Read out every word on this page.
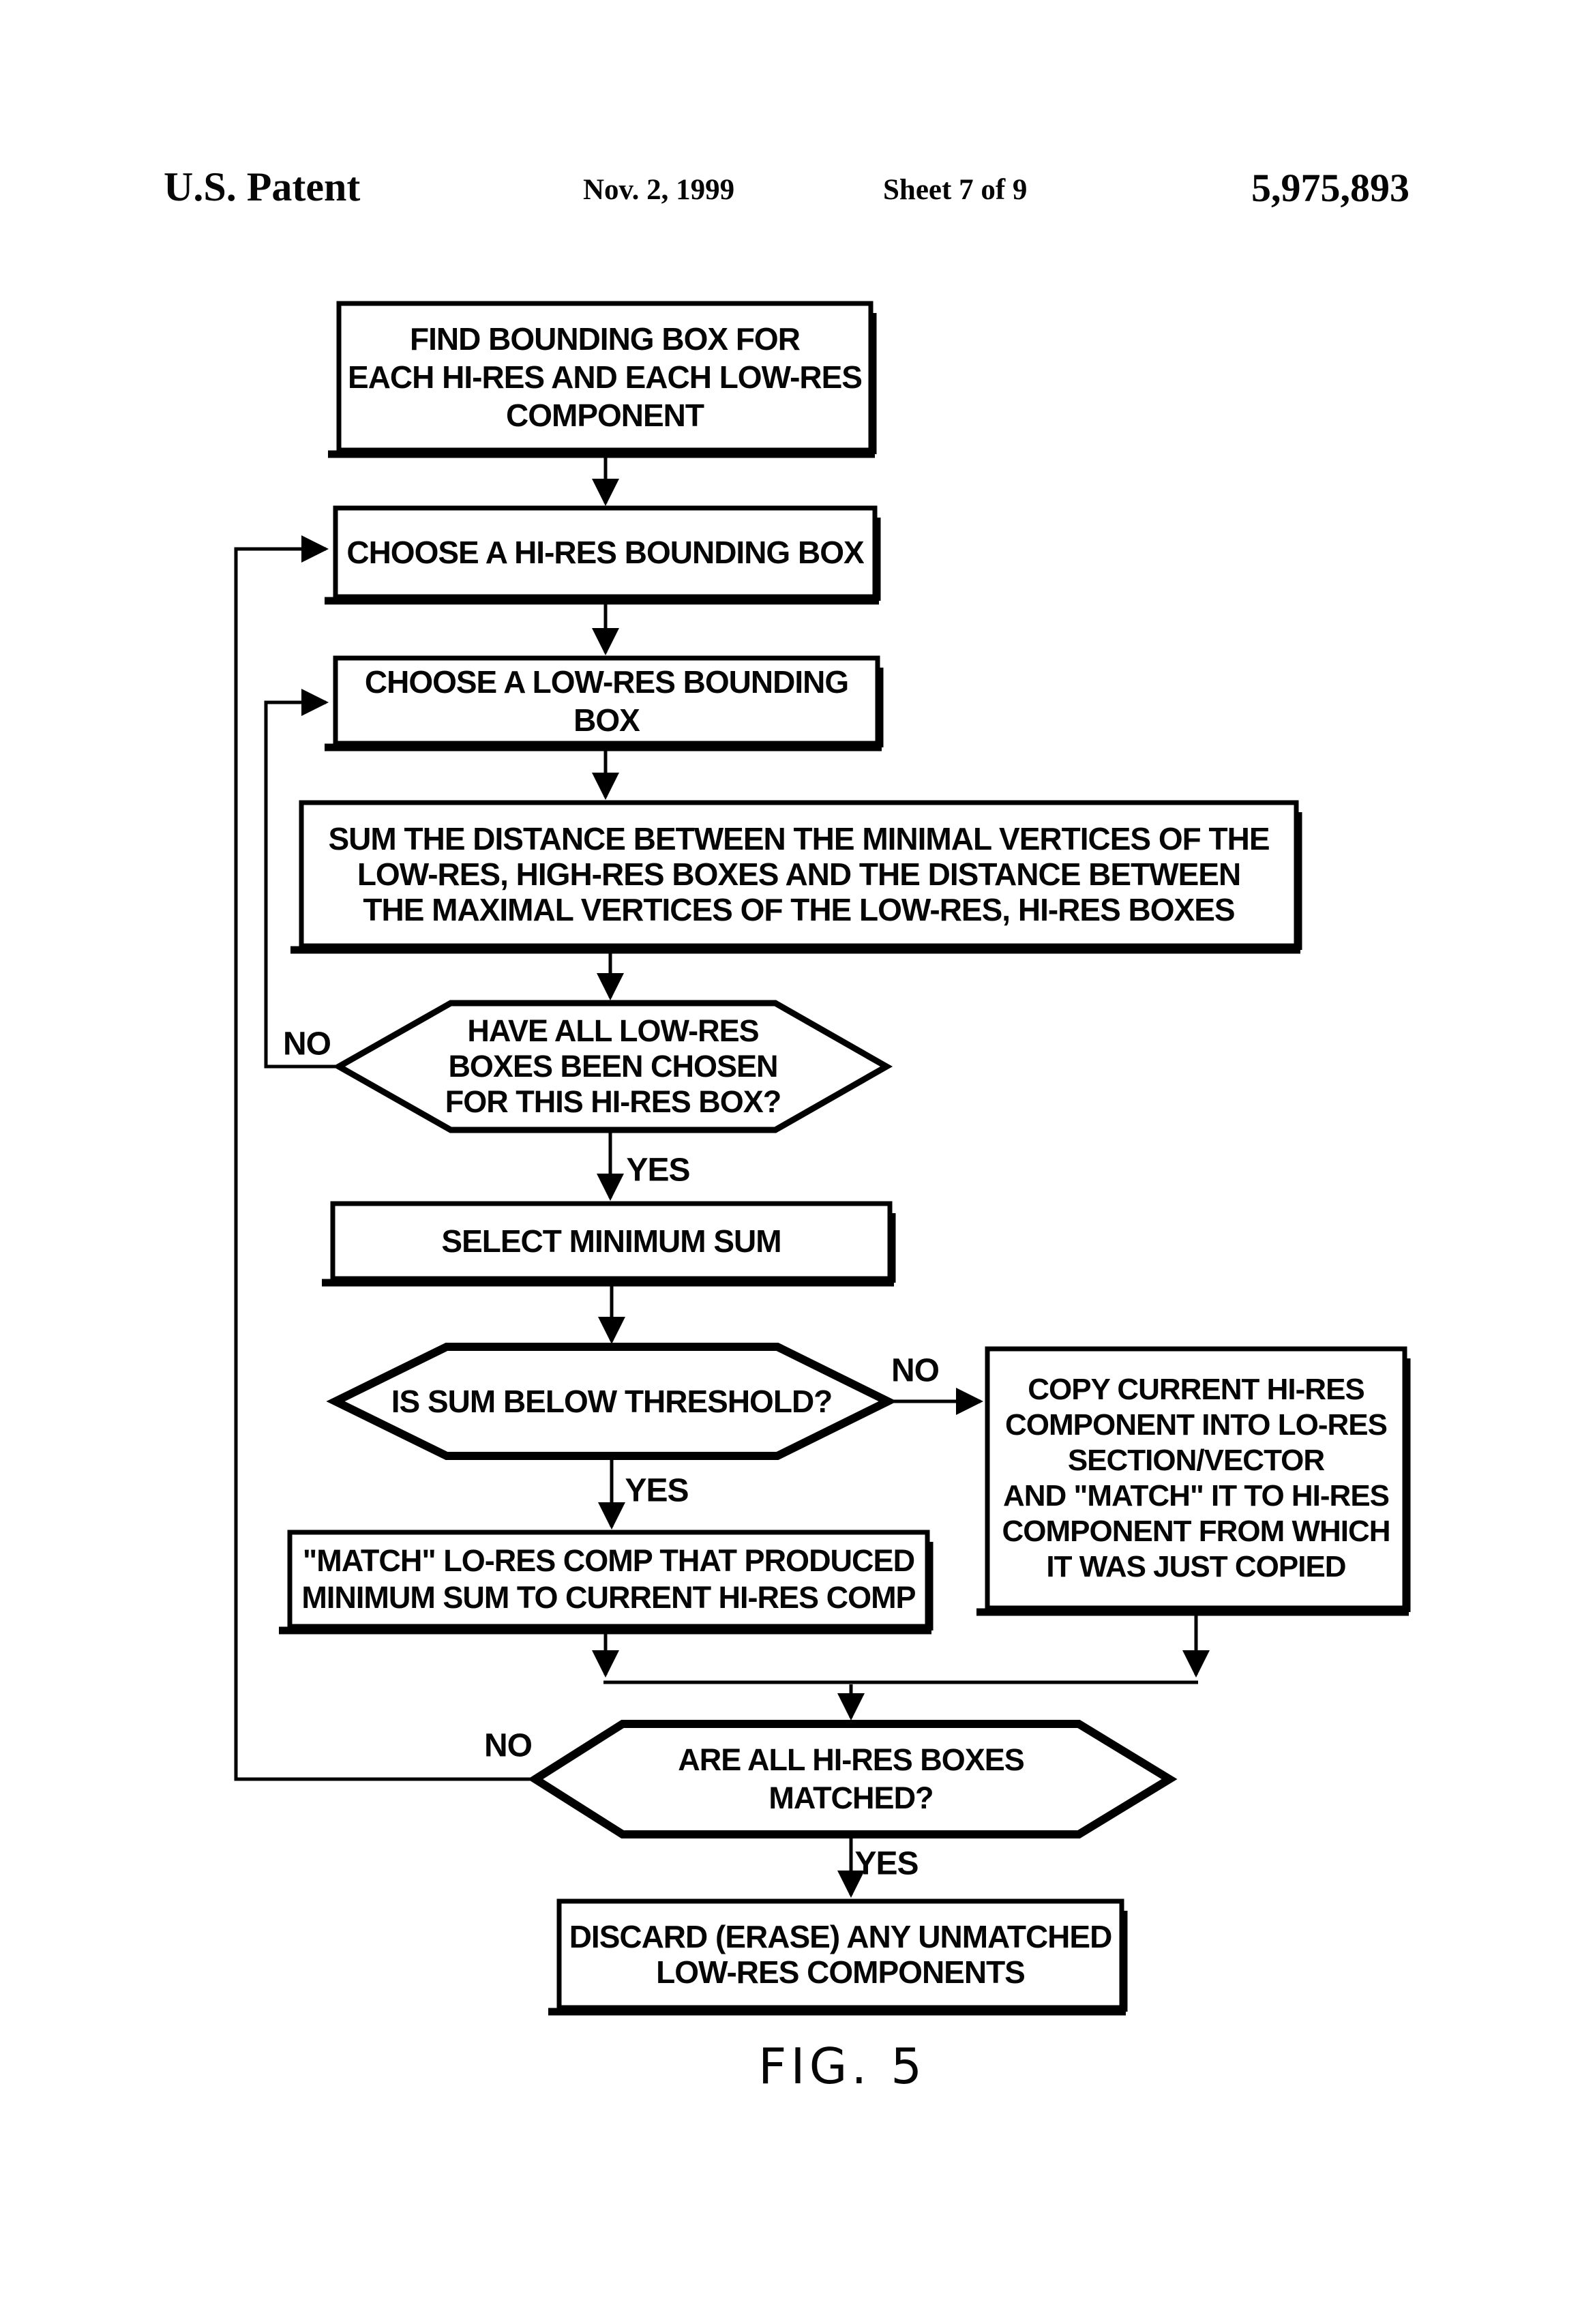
U.S. Patent	Nov. 2, 1999	Sheet 7 of 9	5,975,893
FIND BOUNDING BOX FOR
EACH HI-RES AND EACH LOW-RES
COMPONENT
CHOOSE A HI-RES BOUNDING BOX
CHOOSE A LOW-RES BOUNDING BOX
SUM THE DISTANCE BETWEEN THE MINIMAL VERTICES OF THE
LOW-RES, HIGH-RES BOXES AND THE DISTANCE BETWEEN
THE MAXIMAL VERTICES OF THE LOW-RES, HI-RES BOXES
HAVE ALL LOW-RES
BOXES BEEN CHOSEN
FOR THIS HI-RES BOX?
SELECT MINIMUM SUM
IS SUM BELOW THRESHOLD?	COPY CURRENT HI-RES
COMPONENT INTO LO-RES
SECTION/VECTOR
AND "MATCH" IT TO HI-RES
COMPONENT FROM WHICH
IT WAS JUST COPIED
"MATCH" LO-RES COMP THAT PRODUCED
MINIMUM SUM TO CURRENT HI-RES COMP
ARE ALL HI-RES BOXES MATCHED?
DISCARD (ERASE) ANY UNMATCHED
LOW-RES COMPONENTS
NO
YES
NO
YES
NO
YES
FIG. 5
